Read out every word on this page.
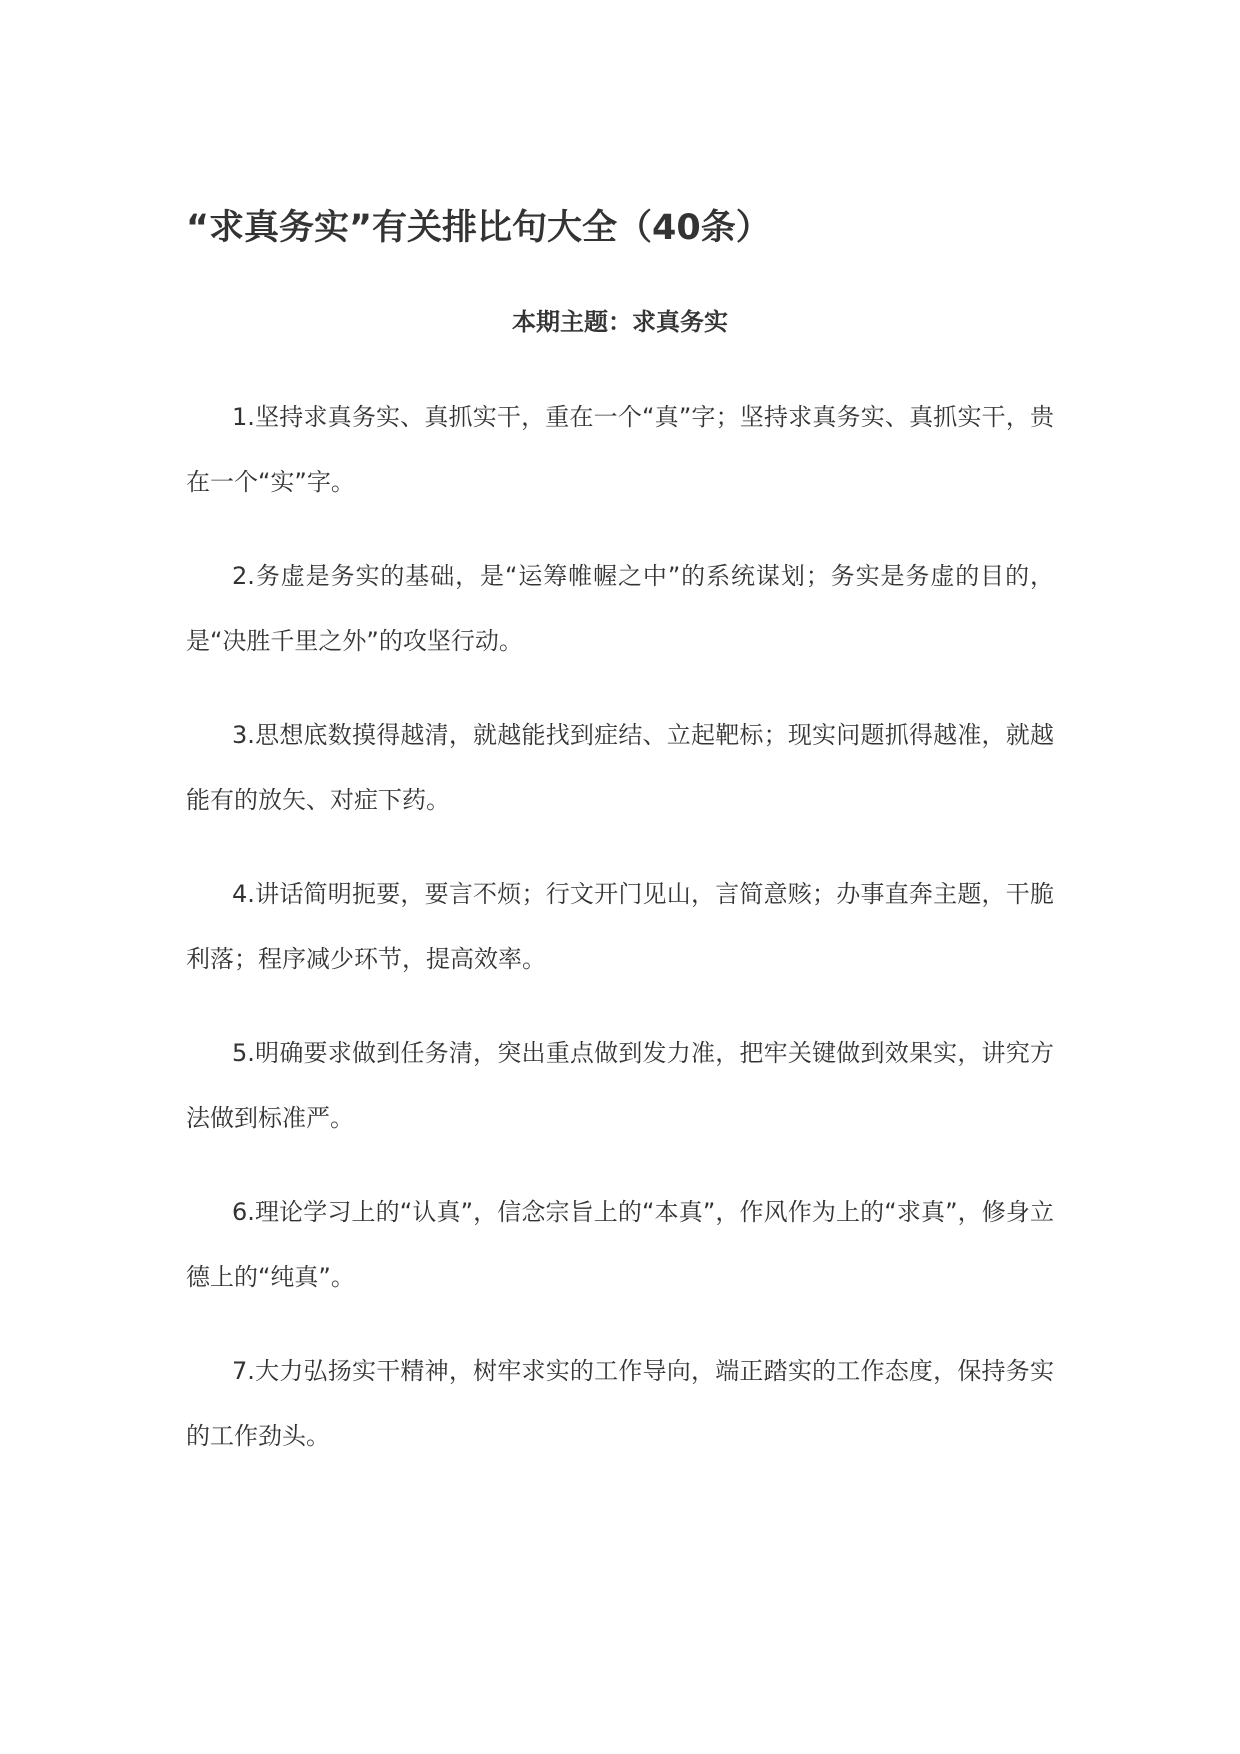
“求真务实”有关排比句大全（40条）
本期主题：求真务实
1.坚持求真务实、真抓实干，重在一个“真”字；坚持求真务实、真抓实干，贵在一个“实”字。
2.务虚是务实的基础，是“运筹帷幄之中”的系统谋划；务实是务虚的目的，是“决胜千里之外”的攻坚行动。
3.思想底数摸得越清，就越能找到症结、立起靶标；现实问题抓得越准，就越能有的放矢、对症下药。
4.讲话简明扼要，要言不烦；行文开门见山，言简意赅；办事直奔主题，干脆利落；程序减少环节，提高效率。
5.明确要求做到任务清，突出重点做到发力准，把牢关键做到效果实，讲究方法做到标准严。
6.理论学习上的“认真”，信念宗旨上的“本真”，作风作为上的“求真”，修身立德上的“纯真”。
7.大力弘扬实干精神，树牢求实的工作导向，端正踏实的工作态度，保持务实的工作劲头。
